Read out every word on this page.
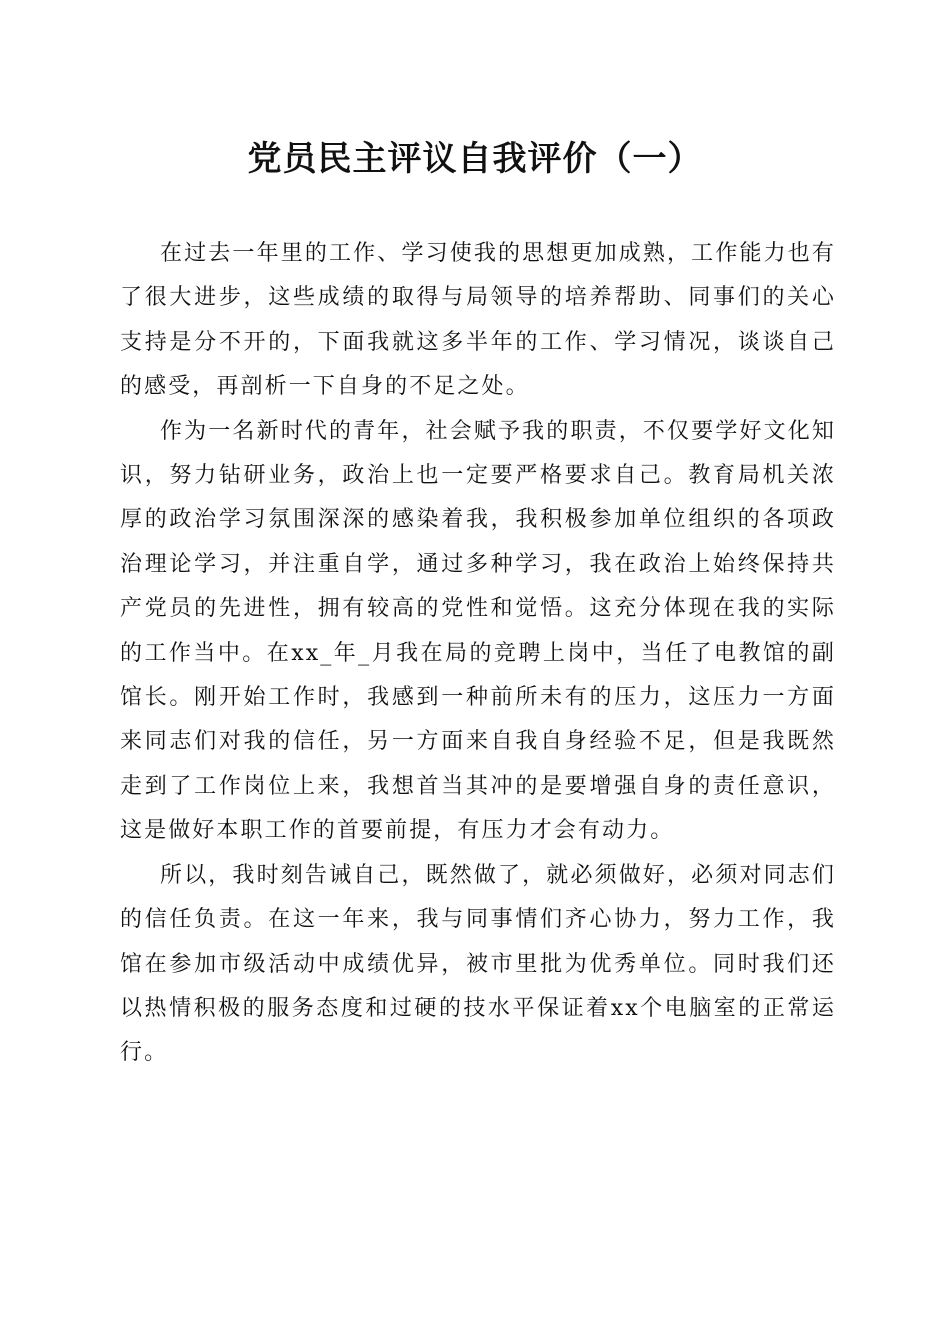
党员民主评议自我评价（一）

在过去一年里的工作、学习使我的思想更加成熟，工作能力也有了很大进步，这些成绩的取得与局领导的培养帮助、同事们的关心支持是分不开的，下面我就这多半年的工作、学习情况，谈谈自己的感受，再剖析一下自身的不足之处。

作为一名新时代的青年，社会赋予我的职责，不仅要学好文化知识，努力钻研业务，政治上也一定要严格要求自己。教育局机关浓厚的政治学习氛围深深的感染着我，我积极参加单位组织的各项政治理论学习，并注重自学，通过多种学习，我在政治上始终保持共产党员的先进性，拥有较高的党性和觉悟。这充分体现在我的实际的工作当中。在xx_年_月我在局的竞聘上岗中，当任了电教馆的副馆长。刚开始工作时，我感到一种前所未有的压力，这压力一方面来同志们对我的信任，另一方面来自我自身经验不足，但是我既然走到了工作岗位上来，我想首当其冲的是要增强自身的责任意识，这是做好本职工作的首要前提，有压力才会有动力。

所以，我时刻告诫自己，既然做了，就必须做好，必须对同志们的信任负责。在这一年来，我与同事情们齐心协力，努力工作，我馆在参加市级活动中成绩优异，被市里批为优秀单位。同时我们还以热情积极的服务态度和过硬的技水平保证着xx个电脑室的正常运行。
